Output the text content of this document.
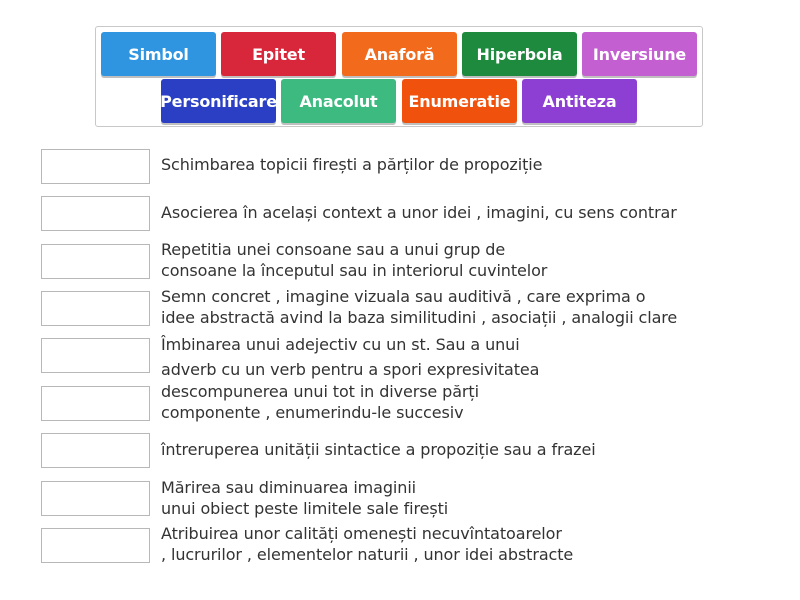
Simbol	Epitet	Anaforă	Hiperbola	Inversiune
Personificare	Anacolut	Enumeratie	Antiteza
Schimbarea topicii firești a părților de propoziție
Asocierea în același context a unor idei , imagini, cu sens contrar
Repetitia unei consoane sau a unui grup de
consoane la începutul sau in interiorul cuvintelor
Semn concret , imagine vizuala sau auditivă , care exprima o
idee abstractă avind la baza similitudini , asociații , analogii clare
Îmbinarea unui adejectiv cu un st. Sau a unui
adverb cu un verb pentru a spori expresivitatea
descompunerea unui tot in diverse părți
componente , enumerindu-le succesiv
întreruperea unității sintactice a propoziție sau a frazei
Mărirea sau diminuarea imaginii
unui obiect peste limitele sale firești
Atribuirea unor calități omenești necuvîntatoarelor
, lucrurilor , elementelor naturii , unor idei abstracte
